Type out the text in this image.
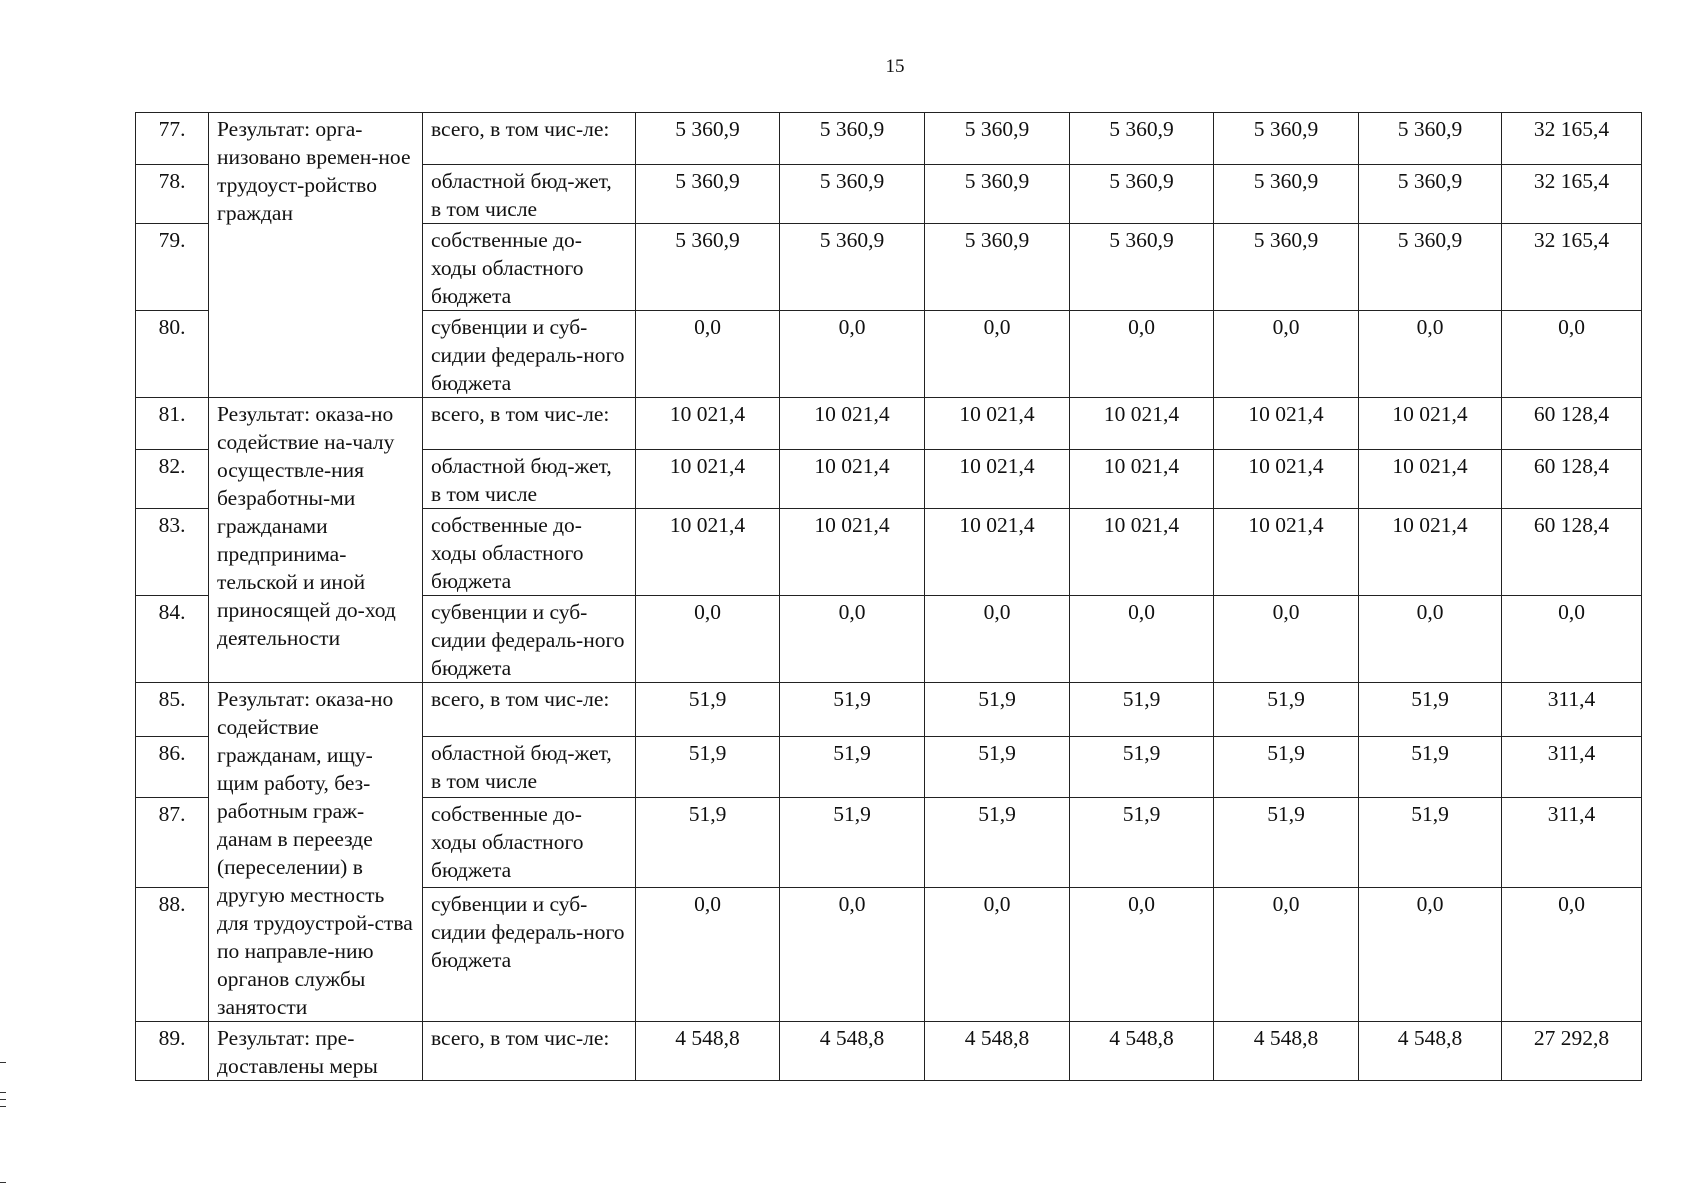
15
77.	Результат: орга-низовано времен-ное трудоуст-ройство граждан	всего, в том чис-ле:	5 360,9	5 360,9	5 360,9	5 360,9	5 360,9	5 360,9	32 165,4
78.		областной бюд-жет, в том числе	5 360,9	5 360,9	5 360,9	5 360,9	5 360,9	5 360,9	32 165,4
79.		собственные до-ходы областного бюджета	5 360,9	5 360,9	5 360,9	5 360,9	5 360,9	5 360,9	32 165,4
80.		субвенции и суб-сидии федераль-ного бюджета	0,0	0,0	0,0	0,0	0,0	0,0	0,0
81.	Результат: оказа-но содействие на-чалу осуществле-ния безработны-ми гражданами предпринима-тельской и иной приносящей до-ход деятельности	всего, в том чис-ле:	10 021,4	10 021,4	10 021,4	10 021,4	10 021,4	10 021,4	60 128,4
82.		областной бюд-жет, в том числе	10 021,4	10 021,4	10 021,4	10 021,4	10 021,4	10 021,4	60 128,4
83.		собственные до-ходы областного бюджета	10 021,4	10 021,4	10 021,4	10 021,4	10 021,4	10 021,4	60 128,4
84.		субвенции и суб-сидии федераль-ного бюджета	0,0	0,0	0,0	0,0	0,0	0,0	0,0
85.	Результат: оказа-но содействие гражданам, ищу-щим работу, без-работным граж-данам в переезде (переселении) в другую местность для трудоустрой-ства по направле-нию органов службы занятости	всего, в том чис-ле:	51,9	51,9	51,9	51,9	51,9	51,9	311,4
86.		областной бюд-жет, в том числе	51,9	51,9	51,9	51,9	51,9	51,9	311,4
87.		собственные до-ходы областного бюджета	51,9	51,9	51,9	51,9	51,9	51,9	311,4
88.		субвенции и суб-сидии федераль-ного бюджета	0,0	0,0	0,0	0,0	0,0	0,0	0,0
89.	Результат: пре-доставлены меры	всего, в том чис-ле:	4 548,8	4 548,8	4 548,8	4 548,8	4 548,8	4 548,8	27 292,8
